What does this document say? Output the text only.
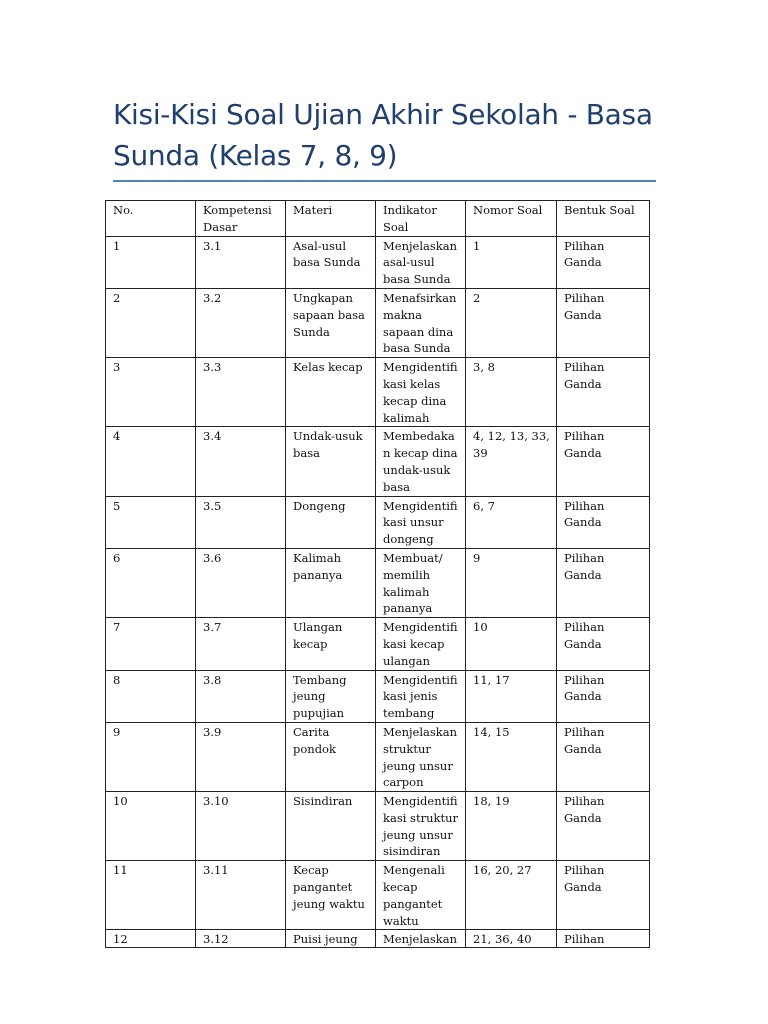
Kisi-Kisi Soal Ujian Akhir Sekolah - Basa Sunda (Kelas 7, 8, 9)
No.	Kompetensi Dasar	Materi	Indikator Soal	Nomor Soal	Bentuk Soal
1	3.1	Asal-usul basa Sunda	Menjelaskan asal-usul basa Sunda	1	Pilihan Ganda
2	3.2	Ungkapan sapaan basa Sunda	Menafsirkan makna sapaan dina basa Sunda	2	Pilihan Ganda
3	3.3	Kelas kecap	Mengidentifikasi kelas kecap dina kalimah	3, 8	Pilihan Ganda
4	3.4	Undak-usuk basa	Membedakan kecap dina undak-usuk basa	4, 12, 13, 33, 39	Pilihan Ganda
5	3.5	Dongeng	Mengidentifikasi unsur dongeng	6, 7	Pilihan Ganda
6	3.6	Kalimah pananya	Membuat/ memilih kalimah pananya	9	Pilihan Ganda
7	3.7	Ulangan kecap	Mengidentifikasi kecap ulangan	10	Pilihan Ganda
8	3.8	Tembang jeung pupujian	Mengidentifikasi jenis tembang	11, 17	Pilihan Ganda
9	3.9	Carita pondok	Menjelaskan struktur jeung unsur carpon	14, 15	Pilihan Ganda
10	3.10	Sisindiran	Mengidentifikasi struktur jeung unsur sisindiran	18, 19	Pilihan Ganda
11	3.11	Kecap pangantet jeung waktu	Mengenali kecap pangantet waktu	16, 20, 27	Pilihan Ganda

12	3.12	Puisi jeung	Menjelaskan	21, 36, 40	Pilihan
